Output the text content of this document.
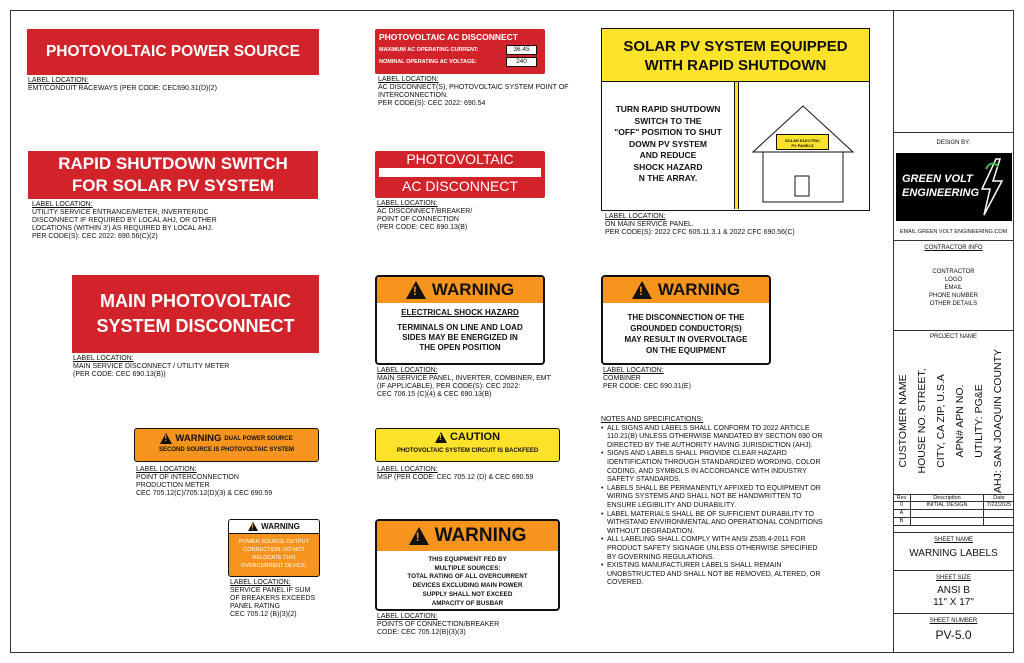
PHOTOVOLTAIC POWER SOURCE
LABEL LOCATION:
EMT/CONDUIT RACEWAYS (PER CODE: CEC690.31(D)(2)
PHOTOVOLTAIC AC DISCONNECT
MAXIMUM AC OPERATING CURRENT:	36.45
NOMINAL OPERATING AC VOLTAGE:	240
LABEL LOCATION:
AC DISCONNECT(S), PHOTOVOLTAIC SYSTEM POINT OF
INTERCONNECTION.
PER CODE(S): CEC 2022: 690.54
SOLAR PV SYSTEM EQUIPPED
WITH RAPID SHUTDOWN
TURN RAPID SHUTDOWN
SWITCH TO THE
"OFF" POSITION TO SHUT
DOWN PV SYSTEM
AND REDUCE
SHOCK HAZARD
N THE ARRAY.
SOLAR ELECTRIC
PV PANELS
LABEL LOCATION:
ON MAIN SERVICE PANEL.
PER CODE(S): 2022 CFC 605.11.3.1 & 2022 CFC 690.56(C)
RAPID SHUTDOWN SWITCH
FOR SOLAR PV SYSTEM
LABEL LOCATION:
UTILITY SERVICE ENTRANCE/METER, INVERTER/DC
DISCONNECT IF REQUIRED BY LOCAL AHJ, OR OTHER
LOCATIONS (WITHIN 3') AS REQUIRED BY LOCAL AHJ.
PER CODE(S): CEC 2022: 690.56(C)(2)
PHOTOVOLTAIC
AC DISCONNECT
LABEL LOCATION:
AC DISCONNECT/BREAKER/
POINT OF CONNECTION
(PER CODE: CEC 690.13(B)
MAIN PHOTOVOLTAIC
SYSTEM DISCONNECT
LABEL LOCATION:
MAIN SERVICE DISCONNECT / UTILITY METER
(PER CODE: CEC 690.13(B))
!
WARNING
ELECTRICAL SHOCK HAZARD
TERMINALS ON LINE AND LOAD
SIDES MAY BE ENERGIZED IN
THE OPEN POSITION
LABEL LOCATION:
MAIN SERVICE PANEL, INVERTER, COMBINER, EMT
(IF APPLICABLE), PER CODE(S): CEC 2022:
CEC 706.15 (C)(4) & CEC 690.13(B)
!
WARNING
THE DISCONNECTION OF THE
GROUNDED CONDUCTOR(S)
MAY RESULT IN OVERVOLTAGE
ON THE EQUIPMENT
LABEL LOCATION:
COMBINER
PER CODE: CEC 690.31(E)
!
WARNING DUAL POWER SOURCE
SECOND SOURCE IS PHOTOVOLTAIC SYSTEM
LABEL LOCATION:
POINT OF INTERCONNECTION
PRODUCTION METER
CEC 705.12(C)/705.12(D)(3) & CEC 690.59
!
CAUTION
PHOTOVOLTAIC SYSTEM CIRCUIT IS BACKFEED
LABEL LOCATION:
MSP (PER CODE: CEC 705.12 (D) & CEC 690.59
!
WARNING
POWER SOURCE OUTPUT
CONNECTION. DO NOT
RELOCATE THIS
OVERCURRENT DEVICE.
LABEL LOCATION:
SERVICE PANEL IF SUM
OF BREAKERS EXCEEDS
PANEL RATING
CEC 705.12 (B)(3)(2)
!
WARNING
THIS EQUIPMENT FED BY
MULTIPLE SOURCES:
TOTAL RATING OF ALL OVERCURRENT
DEVICES EXCLUDING MAIN POWER
SUPPLY SHALL NOT EXCEED
AMPACITY OF BUSBAR
LABEL LOCATION:
POINTS OF CONNECTION/BREAKER
CODE: CEC 705.12(B)(3)(3)
NOTES AND SPECIFICATIONS:
• ALL SIGNS AND LABELS SHALL CONFORM TO 2022 ARTICLE
110.21(B) UNLESS OTHERWISE MANDATED BY SECTION 690 OR
DIRECTED BY THE AUTHORITY HAVING JURISDICTION (AHJ).
• SIGNS AND LABELS SHALL PROVIDE CLEAR HAZARD
IDENTIFICATION THROUGH STANDARDIZED WORDING, COLOR
CODING, AND SYMBOLS IN ACCORDANCE WITH INDUSTRY
SAFETY STANDARDS.
• LABELS SHALL BE PERMANENTLY AFFIXED TO EQUIPMENT OR
WIRING SYSTEMS AND SHALL NOT BE HANDWRITTEN TO
ENSURE LEGIBILITY AND DURABILITY.
• LABEL MATERIALS SHALL BE OF SUFFICIENT DURABILITY TO
WITHSTAND ENVIRONMENTAL AND OPERATIONAL CONDITIONS
WITHOUT DEGRADATION.
• ALL LABELING SHALL COMPLY WITH ANSI Z535.4-2011 FOR
PRODUCT SAFETY SIGNAGE UNLESS OTHERWISE SPECIFIED
BY GOVERNING REGULATIONS.
• EXISTING MANUFACTURER LABELS SHALL REMAIN
UNOBSTRUCTED AND SHALL NOT BE REMOVED, ALTERED, OR
COVERED.
DESIGN BY:
GREEN VOLT
ENGINEERING
EMAIL:GREEN VOLT ENGINEERING.COM
CONTRACTOR INFO
CONTRACTOR
LOGO
EMAIL
PHONE NUMBER
OTHER DETAILS
PROJECT NAME
CUSTOMER NAME HOUSE NO. STREET, CITY, CA ZIP, U.S.A APN# APN NO. UTILITY: PG&E AHJ: SAN JOAQUIN COUNTY
Rev	Description	Date
0	INITIAL DESIGN	7/22/2025
A
B
SHEET NAME
WARNING LABELS
SHEET SIZE
ANSI B
11" X 17"
SHEET NUMBER
PV-5.0
